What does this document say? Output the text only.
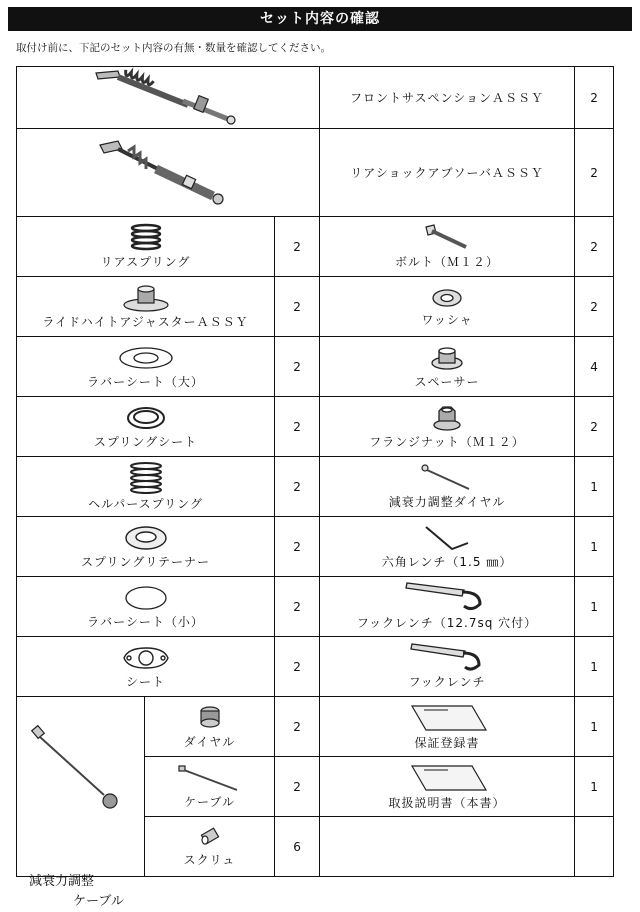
セット内容の確認
取付け前に、下記のセット内容の有無・数量を確認してください。

フロントサスペンションＡＳＳＹ	2

リアショックアブソーバＡＳＳＹ	2

リアスプリング		2	ボルト（Ｍ１２）	2

ライドハイトアジャスターＡＳＳＹ		2	ワッシャ	2

ラバーシート（大）		2	スペーサー	4

スプリングシート		2	フランジナット（Ｍ１２）	2

ヘルパースプリング		2	減衰力調整ダイヤル	1

スプリングリテーナー		2	六角レンチ（1.5 ㎜）	1

ラバーシート（小）		2	フックレンチ（12.7sq 穴付）	1

シート		2	フックレンチ	1

減衰力調整
ケーブル	ダイヤル	2	保証登録書	1

	ケーブル	2	取扱説明書（本書）	1

	スクリュ	6		
